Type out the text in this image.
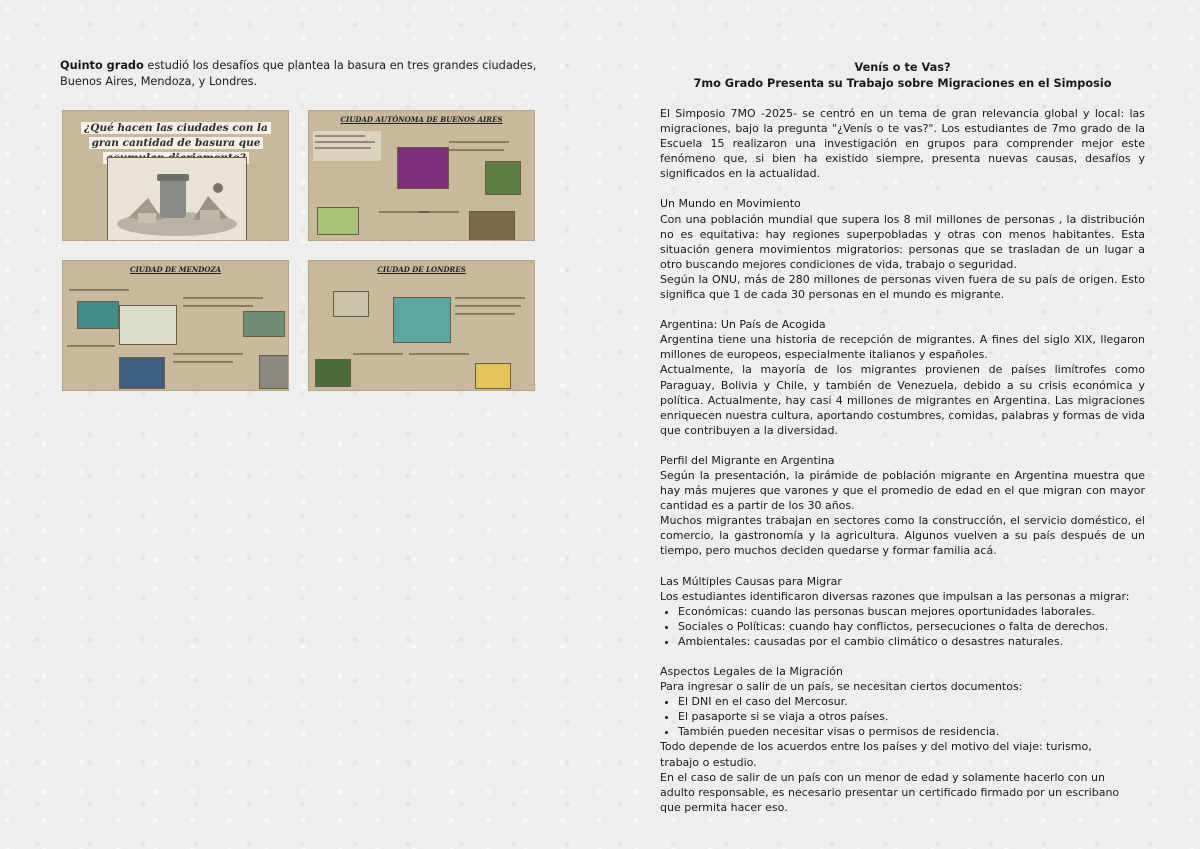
Quinto grado estudió los desafíos que plantea la basura en tres grandes ciudades, Buenos Aires, Mendoza, y Londres.
¿Qué hacen las ciudades con la gran cantidad de basura que
CIUDAD AUTÓNOMA DE BUENOS AIRES
CIUDAD DE MENDOZA	CIUDAD DE LONDRES
Venís o te Vas?
7mo Grado Presenta su Trabajo sobre Migraciones en el Simposio

El Simposio 7MO -2025- se centró en un tema de gran relevancia global y local: las migraciones, bajo la pregunta "¿Venís o te vas?". Los estudiantes de 7mo grado de la Escuela 15 realizaron una investigación en grupos para comprender mejor este fenómeno que, si bien ha existido siempre, presenta nuevas causas, desafíos y significados en la actualidad.

Un Mundo en Movimiento

Con una población mundial que supera los 8 mil millones de personas , la distribución no es equitativa: hay regiones superpobladas y otras con menos habitantes. Esta situación genera movimientos migratorios: personas que se trasladan de un lugar a otro buscando mejores condiciones de vida, trabajo o seguridad.

Según la ONU, más de 280 millones de personas viven fuera de su país de origen. Esto significa que 1 de cada 30 personas en el mundo es migrante.

Argentina: Un País de Acogida

Argentina tiene una historia de recepción de migrantes. A fines del siglo XIX, llegaron millones de europeos, especialmente italianos y españoles.

Actualmente, la mayoría de los migrantes provienen de países limítrofes como Paraguay, Bolivia y Chile, y también de Venezuela, debido a su crisis económica y política. Actualmente, hay casi 4 millones de migrantes en Argentina. Las migraciones enriquecen nuestra cultura, aportando costumbres, comidas, palabras y formas de vida que contribuyen a la diversidad.

Perfil del Migrante en Argentina

Según la presentación, la pirámide de población migrante en Argentina muestra que hay más mujeres que varones y que el promedio de edad en el que migran con mayor cantidad es a partir de los 30 años.

Muchos migrantes trabajan en sectores como la construcción, el servicio doméstico, el comercio, la gastronomía y la agricultura. Algunos vuelven a su país después de un tiempo, pero muchos deciden quedarse y formar familia acá.

Las Múltiples Causas para Migrar
Los estudiantes identificaron diversas razones que impulsan a las personas a migrar:
• Económicas: cuando las personas buscan mejores oportunidades laborales.
• Sociales o Políticas: cuando hay conflictos, persecuciones o falta de derechos.
• Ambientales: causadas por el cambio climático o desastres naturales.
Aspectos Legales de la Migración
Para ingresar o salir de un país, se necesitan ciertos documentos:
• El DNI en el caso del Mercosur.
• El pasaporte si se viaja a otros países.
• También pueden necesitar visas o permisos de residencia.
Todo depende de los acuerdos entre los países y del motivo del viaje: turismo, trabajo o estudio.
En el caso de salir de un país con un menor de edad y solamente hacerlo con un adulto responsable, es necesario presentar un certificado firmado por un escribano que permita hacer eso.
